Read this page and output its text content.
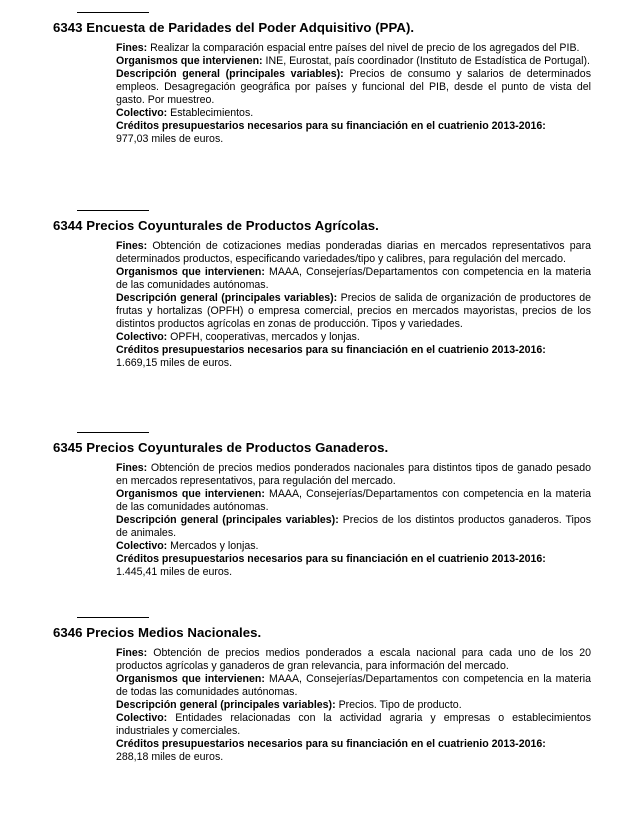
6343 Encuesta de Paridades del Poder Adquisitivo (PPA).

Fines: Realizar la comparación espacial entre países del nivel de precio de los agregados del PIB.

Organismos que intervienen: INE, Eurostat, país coordinador (Instituto de Estadística de Portugal).

Descripción general (principales variables): Precios de consumo y salarios de determinados empleos. Desagregación geográfica por países y funcional del PIB, desde el punto de vista del gasto. Por muestreo.

Colectivo: Establecimientos.

Créditos presupuestarios necesarios para su financiación en el cuatrienio 2013-2016:
977,03 miles de euros.

6344 Precios Coyunturales de Productos Agrícolas.

Fines: Obtención de cotizaciones medias ponderadas diarias en mercados representativos para determinados productos, especificando variedades/tipo y calibres, para regulación del mercado.

Organismos que intervienen: MAAA, Consejerías/Departamentos con competencia en la materia de las comunidades autónomas.

Descripción general (principales variables): Precios de salida de organización de productores de frutas y hortalizas (OPFH) o empresa comercial, precios en mercados mayoristas, precios de los distintos productos agrícolas en zonas de producción. Tipos y variedades.

Colectivo: OPFH, cooperativas, mercados y lonjas.

Créditos presupuestarios necesarios para su financiación en el cuatrienio 2013-2016:
1.669,15 miles de euros.

6345 Precios Coyunturales de Productos Ganaderos.

Fines: Obtención de precios medios ponderados nacionales para distintos tipos de ganado pesado en mercados representativos, para regulación del mercado.

Organismos que intervienen: MAAA, Consejerías/Departamentos con competencia en la materia de las comunidades autónomas.

Descripción general (principales variables): Precios de los distintos productos ganaderos. Tipos de animales.

Colectivo: Mercados y lonjas.

Créditos presupuestarios necesarios para su financiación en el cuatrienio 2013-2016:
1.445,41 miles de euros.

6346 Precios Medios Nacionales.

Fines: Obtención de precios medios ponderados a escala nacional para cada uno de los 20 productos agrícolas y ganaderos de gran relevancia, para información del mercado.

Organismos que intervienen: MAAA, Consejerías/Departamentos con competencia en la materia de todas las comunidades autónomas.

Descripción general (principales variables): Precios. Tipo de producto.

Colectivo: Entidades relacionadas con la actividad agraria y empresas o establecimientos industriales y comerciales.

Créditos presupuestarios necesarios para su financiación en el cuatrienio 2013-2016:
288,18 miles de euros.
